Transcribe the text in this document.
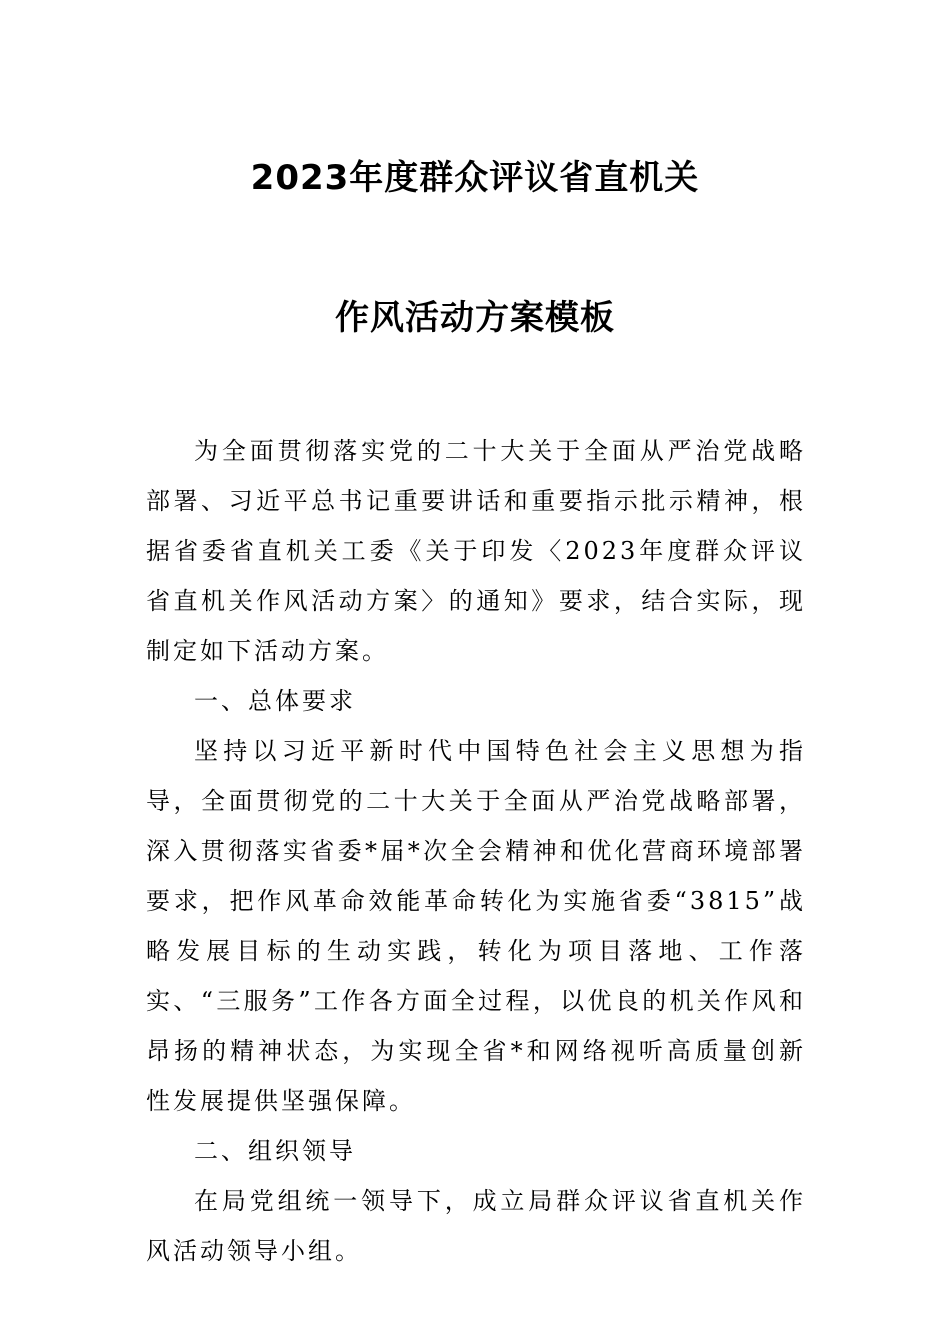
2023年度群众评议省直机关
作风活动方案模板

为全面贯彻落实党的二十大关于全面从严治党战略部署、习近平总书记重要讲话和重要指示批示精神，根据省委省直机关工委《关于印发〈2023年度群众评议省直机关作风活动方案〉的通知》要求，结合实际，现制定如下活动方案。

一、总体要求

坚持以习近平新时代中国特色社会主义思想为指导，全面贯彻党的二十大关于全面从严治党战略部署，深入贯彻落实省委*届*次全会精神和优化营商环境部署要求，把作风革命效能革命转化为实施省委“3815”战略发展目标的生动实践，转化为项目落地、工作落实、“三服务”工作各方面全过程，以优良的机关作风和昂扬的精神状态，为实现全省*和网络视听高质量创新性发展提供坚强保障。

二、组织领导

在局党组统一领导下，成立局群众评议省直机关作风活动领导小组。
